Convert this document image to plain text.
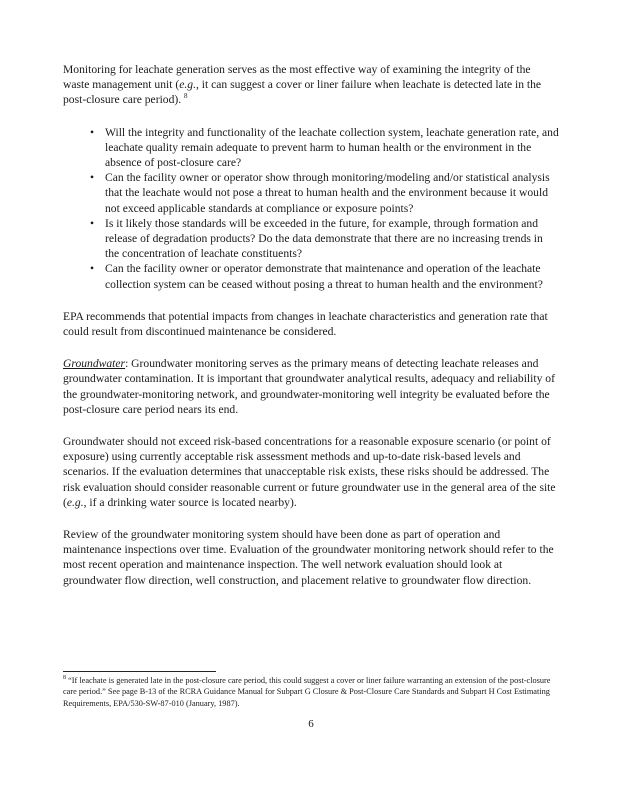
Monitoring for leachate generation serves as the most effective way of examining the integrity of the waste management unit (e.g., it can suggest a cover or liner failure when leachate is detected late in the post-closure care period). $^8$

• Will the integrity and functionality of the leachate collection system, leachate generation rate, and leachate quality remain adequate to prevent harm to human health or the environment in the absence of post-closure care?
• Can the facility owner or operator show through monitoring/modeling and/or statistical analysis that the leachate would not pose a threat to human health and the environment because it would not exceed applicable standards at compliance or exposure points?
• Is it likely those standards will be exceeded in the future, for example, through formation and release of degradation products? Do the data demonstrate that there are no increasing trends in the concentration of leachate constituents?
• Can the facility owner or operator demonstrate that maintenance and operation of the leachate collection system can be ceased without posing a threat to human health and the environment?

EPA recommends that potential impacts from changes in leachate characteristics and generation rate that could result from discontinued maintenance be considered.

Groundwater: Groundwater monitoring serves as the primary means of detecting leachate releases and groundwater contamination. It is important that groundwater analytical results, adequacy and reliability of the groundwater-monitoring network, and groundwater-monitoring well integrity be evaluated before the post-closure care period nears its end.

Groundwater should not exceed risk-based concentrations for a reasonable exposure scenario (or point of exposure) using currently acceptable risk assessment methods and up-to-date risk-based levels and scenarios. If the evaluation determines that unacceptable risk exists, these risks should be addressed. The risk evaluation should consider reasonable current or future groundwater use in the general area of the site (e.g., if a drinking water source is located nearby).

Review of the groundwater monitoring system should have been done as part of operation and maintenance inspections over time. Evaluation of the groundwater monitoring network should refer to the most recent operation and maintenance inspection. The well network evaluation should look at groundwater flow direction, well construction, and placement relative to groundwater flow direction.

$^8$ “If leachate is generated late in the post-closure care period, this could suggest a cover or liner failure warranting an extension of the post-closure care period.” See page B-13 of the RCRA Guidance Manual for Subpart G Closure & Post-Closure Care Standards and Subpart H Cost Estimating Requirements, EPA/530-SW-87-010 (January, 1987).

6
